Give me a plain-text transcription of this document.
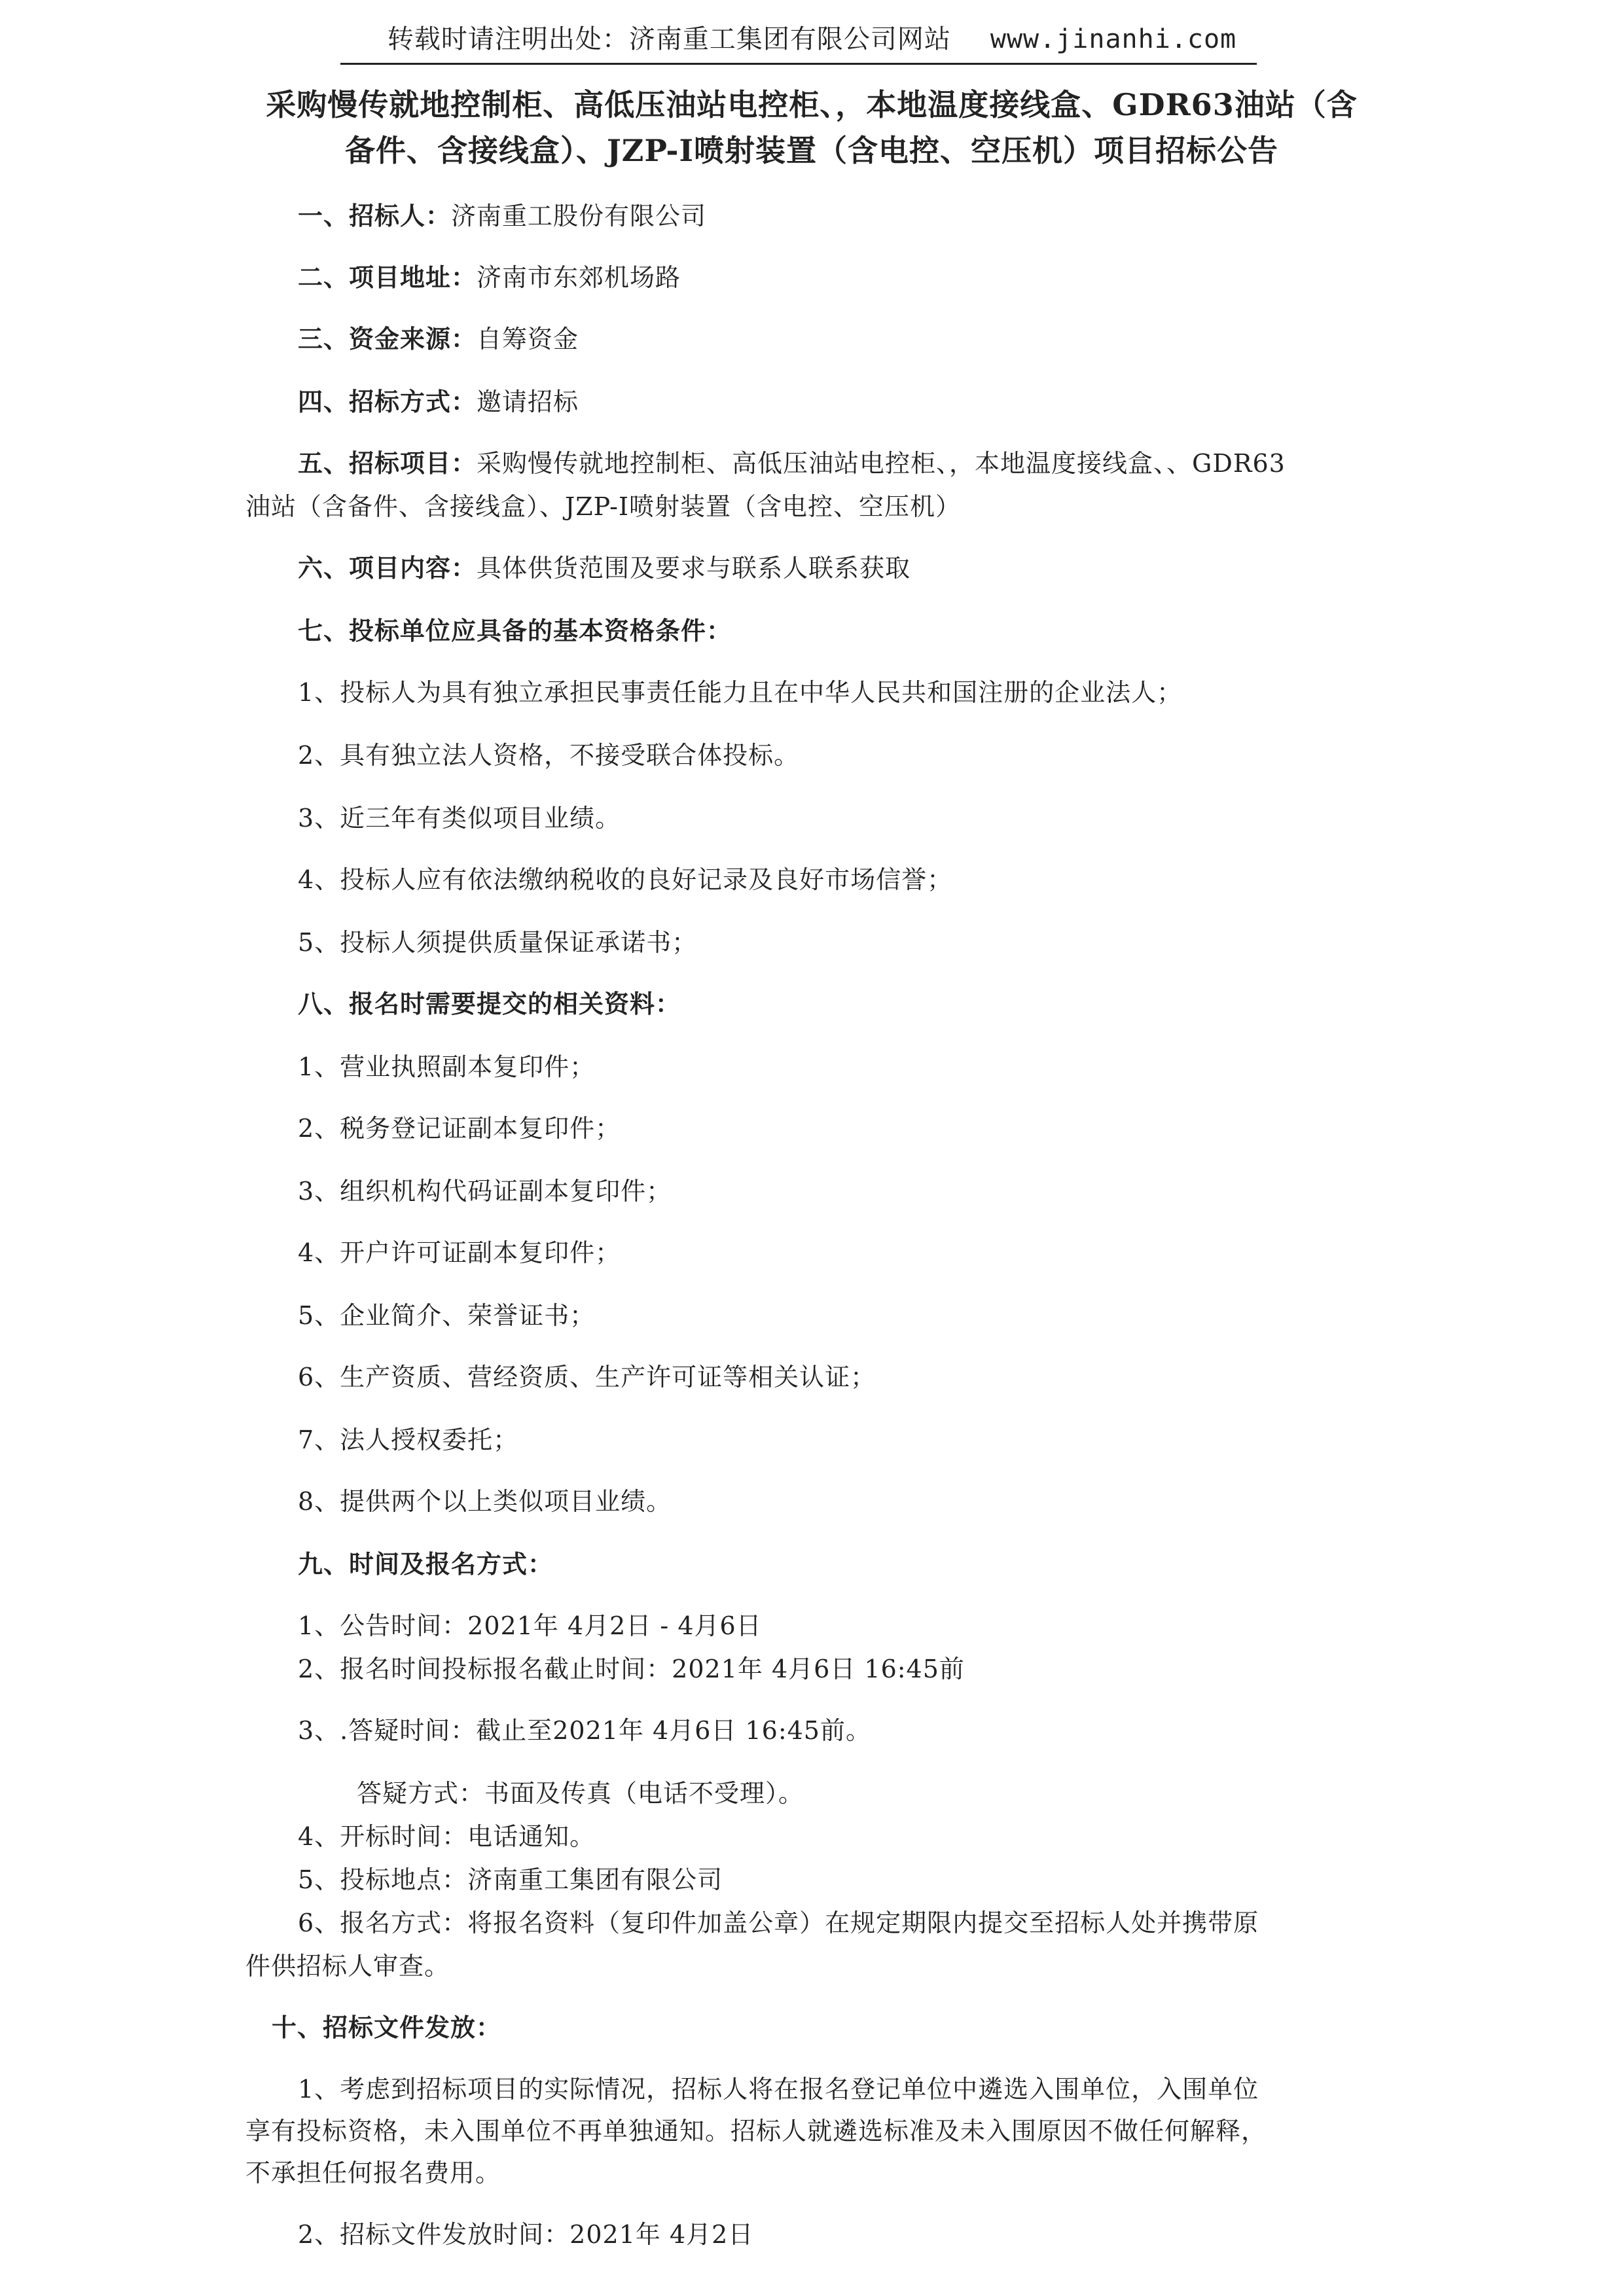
转载时请注明出处：济南重工集团有限公司网站 www.jinanhi.com
采购慢传就地控制柜、高低压油站电控柜、，本地温度接线盒、GDR63油站（含
备件、含接线盒）、JZP-I喷射装置（含电控、空压机）项目招标公告
一、招标人：济南重工股份有限公司
二、项目地址：济南市东郊机场路
三、资金来源：自筹资金
四、招标方式：邀请招标
五、招标项目：采购慢传就地控制柜、高低压油站电控柜、，本地温度接线盒、、GDR63
油站（含备件、含接线盒）、JZP-I喷射装置（含电控、空压机）
六、项目内容：具体供货范围及要求与联系人联系获取
七、投标单位应具备的基本资格条件：
1、投标人为具有独立承担民事责任能力且在中华人民共和国注册的企业法人；
2、具有独立法人资格，不接受联合体投标。
3、近三年有类似项目业绩。
4、投标人应有依法缴纳税收的良好记录及良好市场信誉；
5、投标人须提供质量保证承诺书；
八、报名时需要提交的相关资料：
1、营业执照副本复印件；
2、税务登记证副本复印件；
3、组织机构代码证副本复印件；
4、开户许可证副本复印件；
5、企业简介、荣誉证书；
6、生产资质、营经资质、生产许可证等相关认证；
7、法人授权委托；
8、提供两个以上类似项目业绩。
九、时间及报名方式：
1、公告时间：2021年 4月2日 - 4月6日
2、报名时间投标报名截止时间：2021年 4月6日 16:45前
3、.答疑时间：截止至2021年 4月6日 16:45前。
答疑方式：书面及传真（电话不受理）。
4、开标时间：电话通知。
5、投标地点：济南重工集团有限公司
6、报名方式：将报名资料（复印件加盖公章）在规定期限内提交至招标人处并携带原
件供招标人审查。
十、招标文件发放：
1、考虑到招标项目的实际情况，招标人将在报名登记单位中遴选入围单位，入围单位
享有投标资格，未入围单位不再单独通知。招标人就遴选标准及未入围原因不做任何解释，
不承担任何报名费用。
2、招标文件发放时间：2021年 4月2日
